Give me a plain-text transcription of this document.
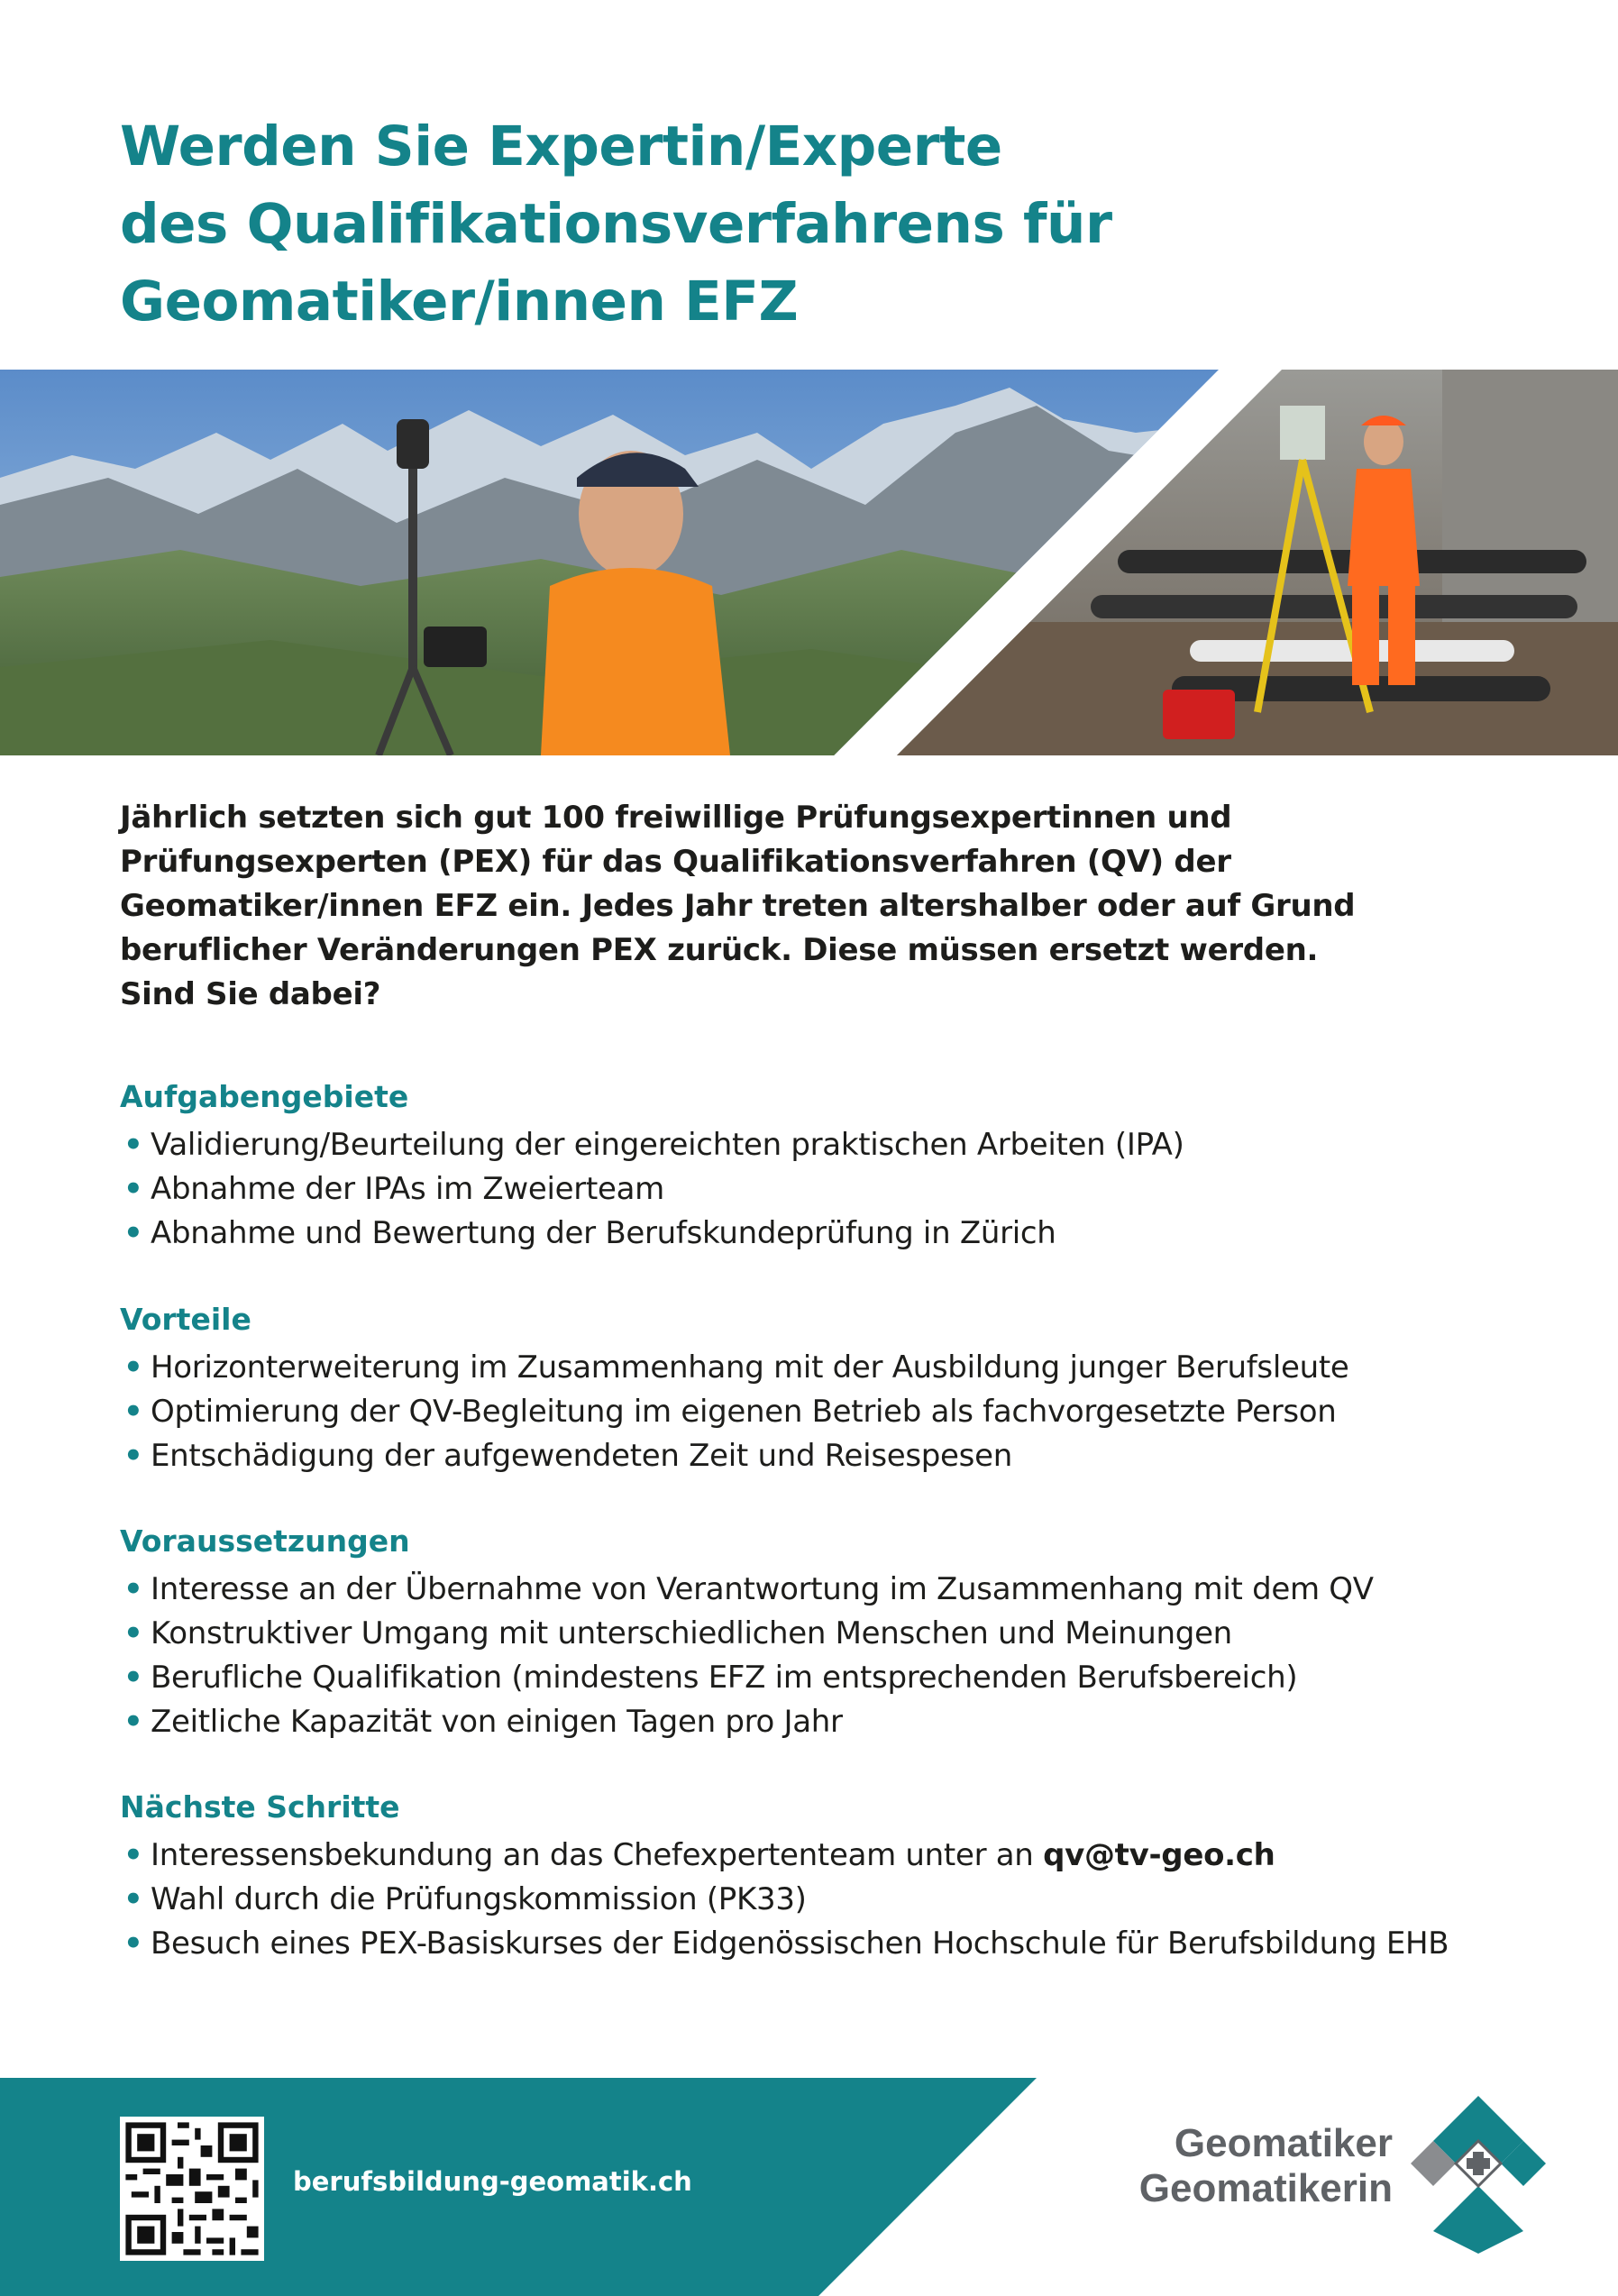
Werden Sie Expertin/Experte
des Qualifikationsverfahrens für
Geomatiker/innen EFZ

Jährlich setzten sich gut 100 freiwillige Prüfungsexpertinnen und
Prüfungsexperten (PEX) für das Qualifikationsverfahren (QV) der
Geomatiker/innen EFZ ein. Jedes Jahr treten altershalber oder auf Grund
beruflicher Veränderungen PEX zurück. Diese müssen ersetzt werden.
Sind Sie dabei?

Aufgabengebiete
• Validierung/Beurteilung der eingereichten praktischen Arbeiten (IPA)
• Abnahme der IPAs im Zweierteam
• Abnahme und Bewertung der Berufskundeprüfung in Zürich
Vorteile
• Horizonterweiterung im Zusammenhang mit der Ausbildung junger Berufsleute
• Optimierung der QV-Begleitung im eigenen Betrieb als fachvorgesetzte Person
• Entschädigung der aufgewendeten Zeit und Reisespesen
Voraussetzungen
• Interesse an der Übernahme von Verantwortung im Zusammenhang mit dem QV
• Konstruktiver Umgang mit unterschiedlichen Menschen und Meinungen
• Berufliche Qualifikation (mindestens EFZ im entsprechenden Berufsbereich)
• Zeitliche Kapazität von einigen Tagen pro Jahr
Nächste Schritte
• Interessensbekundung an das Chefexpertenteam unter an qv@tv-geo.ch
• Wahl durch die Prüfungskommission (PK33)
• Besuch eines PEX-Basiskurses der Eidgenössischen Hochschule für Berufsbildung EHB
berufsbildung-geomatik.ch
Geomatiker
Geomatikerin
